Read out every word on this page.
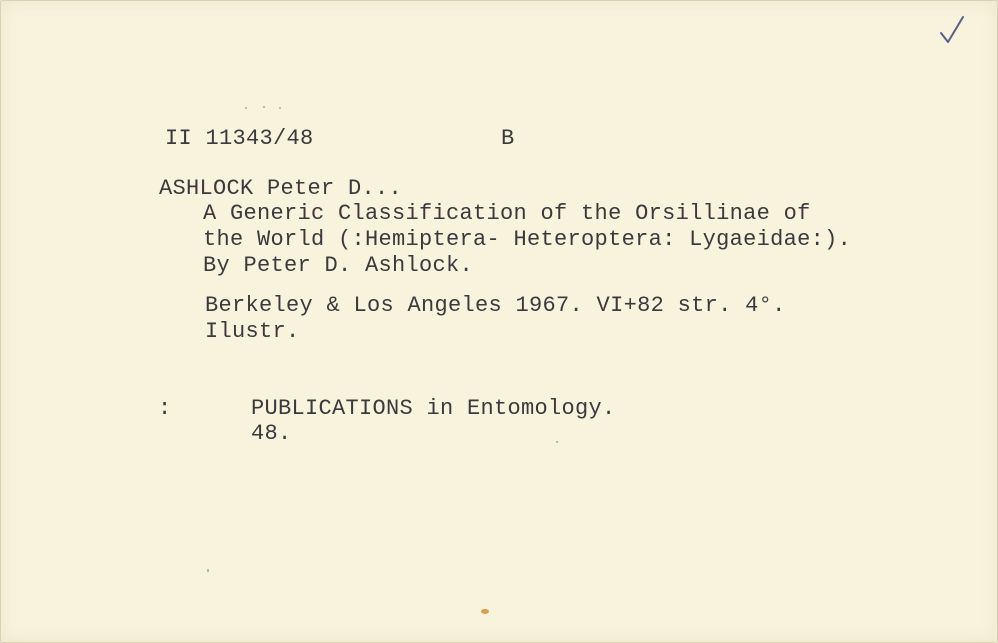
II 11343/48	B
ASHLOCK Peter D...
A Generic Classification of the Orsillinae of
the World (:Hemiptera- Heteroptera: Lygaeidae:).
By Peter D. Ashlock.
Berkeley & Los Angeles 1967. VI+82 str. 4°.
Ilustr.
:	PUBLICATIONS in Entomology.
48.
